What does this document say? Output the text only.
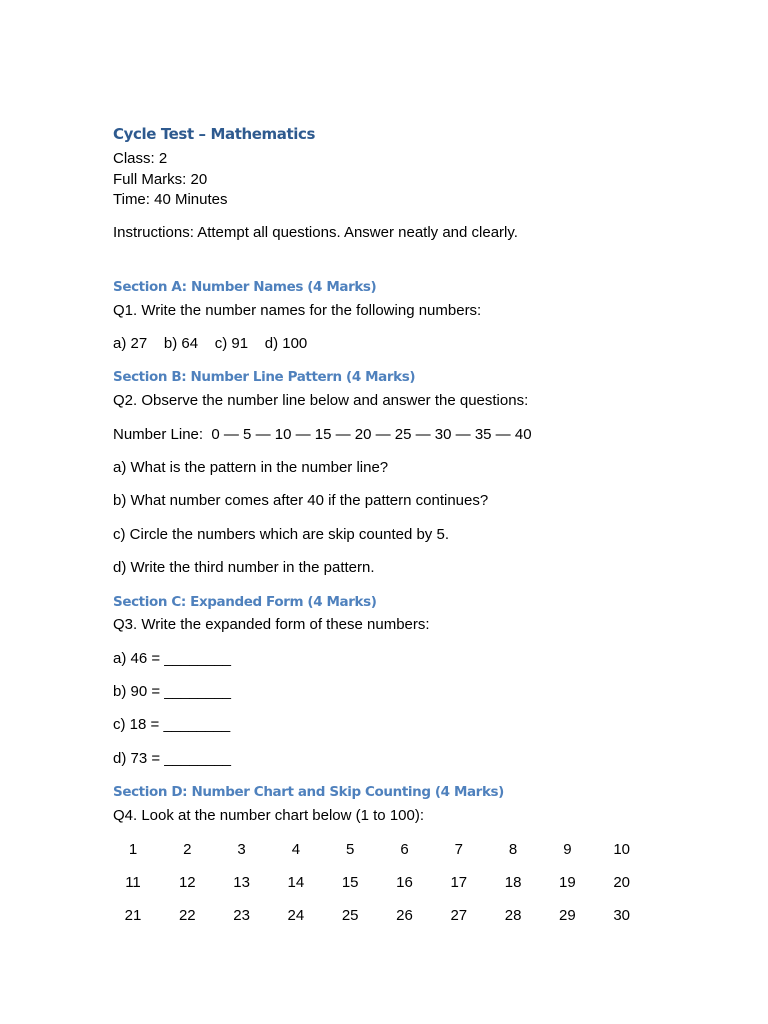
Cycle Test – Mathematics
Class: 2
Full Marks: 20
Time: 40 Minutes
Instructions: Attempt all questions. Answer neatly and clearly.
Section A: Number Names (4 Marks)
Q1. Write the number names for the following numbers:
a) 27    b) 64    c) 91    d) 100
Section B: Number Line Pattern (4 Marks)
Q2. Observe the number line below and answer the questions:
Number Line:  0 — 5 — 10 — 15 — 20 — 25 — 30 — 35 — 40
a) What is the pattern in the number line?
b) What number comes after 40 if the pattern continues?
c) Circle the numbers which are skip counted by 5.
d) Write the third number in the pattern.
Section C: Expanded Form (4 Marks)
Q3. Write the expanded form of these numbers:
a) 46 = ________
b) 90 = ________
c) 18 = ________
d) 73 = ________
Section D: Number Chart and Skip Counting (4 Marks)
Q4. Look at the number chart below (1 to 100):
1	2	3	4	5	6	7	8	9	10
11	12	13	14	15	16	17	18	19	20
21	22	23	24	25	26	27	28	29	30
